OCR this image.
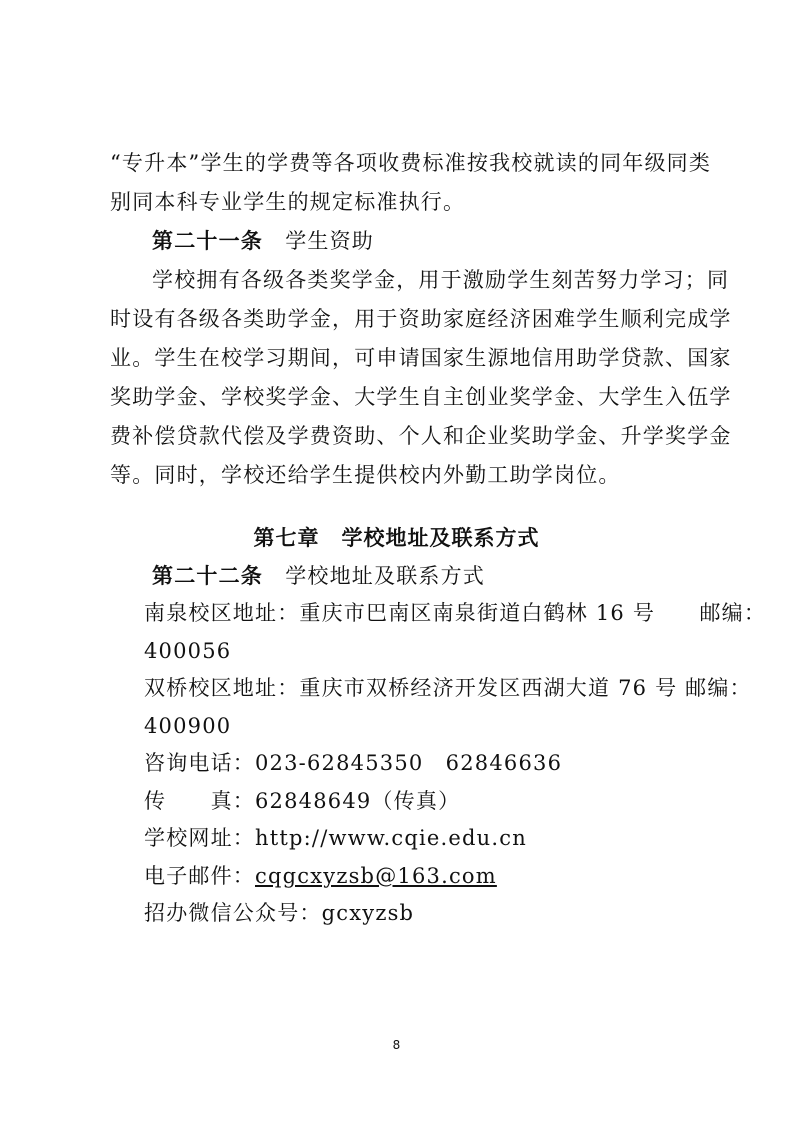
“专升本”学生的学费等各项收费标准按我校就读的同年级同类
别同本科专业学生的规定标准执行。
第二十一条　 学生资助
学校拥有各级各类奖学金，用于激励学生刻苦努力学习；同
时设有各级各类助学金，用于资助家庭经济困难学生顺利完成学
业。学生在校学习期间，可申请国家生源地信用助学贷款、国家
奖助学金、学校奖学金、大学生自主创业奖学金、大学生入伍学
费补偿贷款代偿及学费资助、个人和企业奖助学金、升学奖学金
等。同时，学校还给学生提供校内外勤工助学岗位。
第七章　学校地址及联系方式
第二十二条　 学校地址及联系方式
南泉校区地址：重庆市巴南区南泉街道白鹤林 16 号　　邮编：
400056
双桥校区地址：重庆市双桥经济开发区西湖大道 76 号 邮编：
400900
咨询电话：023-62845350　62846636
传　　真：62848649（传真）
学校网址：http://www.cqie.edu.cn
电子邮件：cqgcxyzsb@163.com
招办微信公众号：gcxyzsb
8
